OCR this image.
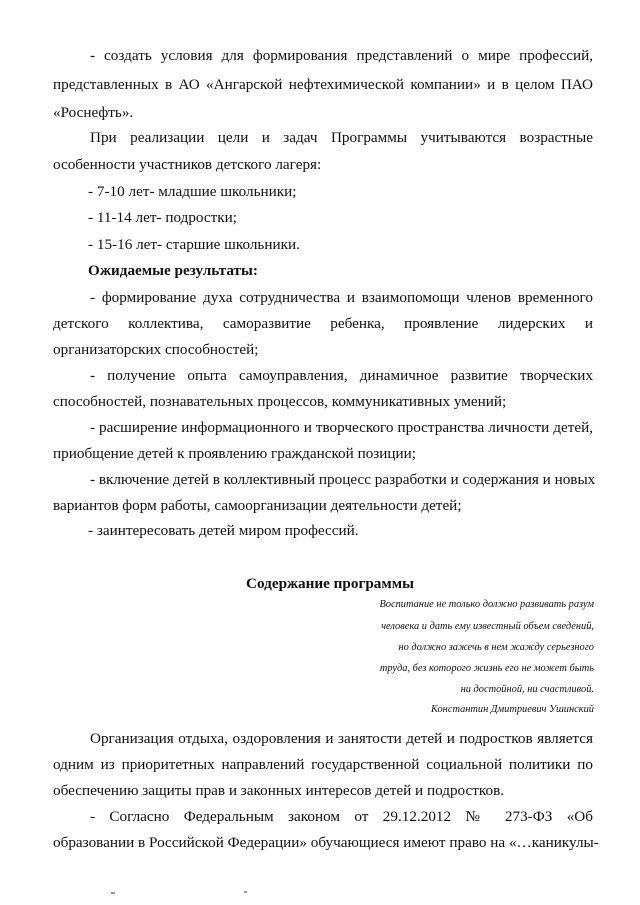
- создать условия для формирования представлений о мире профессий,
представленных в АО «Ангарской нефтехимической компании» и в целом ПАО
«Роснефть».
При реализации цели и задач Программы учитываются возрастные
особенности участников детского лагеря:
- 7-10 лет- младшие школьники;
- 11-14 лет- подростки;
- 15-16 лет- старшие школьники.
Ожидаемые результаты:
- формирование духа сотрудничества и взаимопомощи членов временного
детского коллектива, саморазвитие ребенка, проявление лидерских и
организаторских способностей;
- получение опыта самоуправления, динамичное развитие творческих
способностей, познавательных процессов, коммуникативных умений;
- расширение информационного и творческого пространства личности детей,
приобщение детей к проявлению гражданской позиции;
- включение детей в коллективный процесс разработки и содержания и новых
вариантов форм работы, самоорганизации деятельности детей;
- заинтересовать детей миром профессий.
Содержание программы
Воспитание не только должно развивать разум
человека и дать ему известный объем сведений,
но должно зажечь в нем жажду серьезного
труда, без которого жизнь его не может быть
ни достойной, ни счастливой.
Константин Дмитриевич Ушинский
Организация отдыха, оздоровления и занятости детей и подростков является
одним из приоритетных направлений государственной социальной политики по
обеспечению защиты прав и законных интересов детей и подростков.
- Согласно Федеральным законом от 29.12.2012 № 273-ФЗ «Об
образовании в Российской Федерации» обучающиеся имеют право на «…каникулы-
